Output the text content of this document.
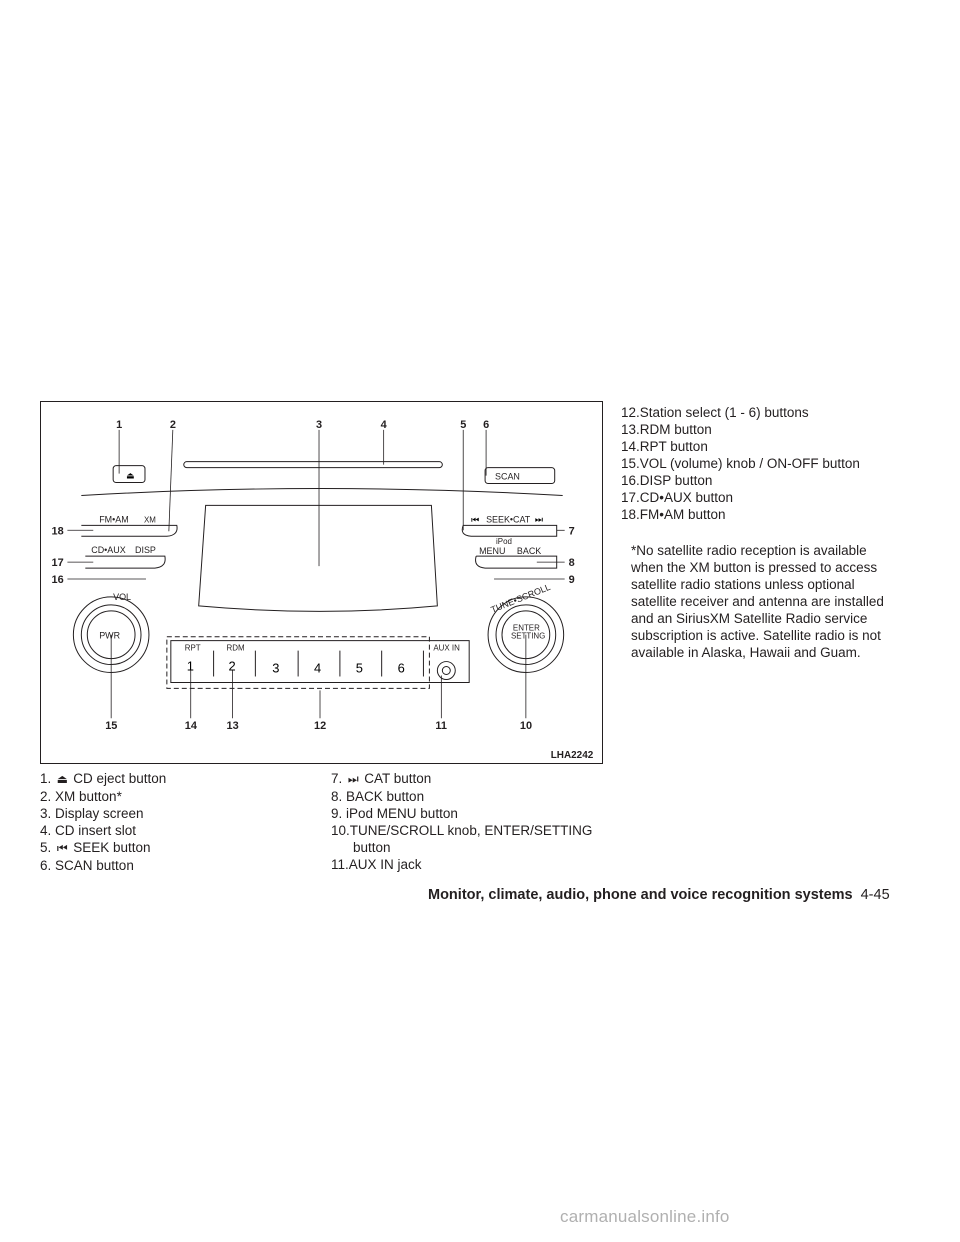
1	2	3	4	5 6
7
8
9
10
11
12
13
14
15
16
17
18
⏏	SCAN
FM•AM XM	SEEK•CAT
⏮	⏭
CD•AUX DISP
iPod
MENU BACK
VOL
PWR
TUNE•SCROLL
ENTER
SETTING
RPT	RDM	AUX IN
1	2	3	4	5	6
LHA2242
1. ⏏ CD eject button
2. XM button*
3. Display screen
4. CD insert slot
5. ⏮ SEEK button
6. SCAN button
7. ⏭ CAT button
8. BACK button
9. iPod MENU button
10.TUNE/SCROLL knob, ENTER/SETTING
button
11.AUX IN jack
12.Station select (1 - 6) buttons
13.RDM button
14.RPT button
15.VOL (volume) knob / ON-OFF button
16.DISP button
17.CD•AUX button
18.FM•AM button
*No satellite radio reception is available when the XM button is pressed to access satellite radio stations unless optional satellite receiver and antenna are installed and an SiriusXM Satellite Radio service subscription is active. Satellite radio is not available in Alaska, Hawaii and Guam.
Monitor, climate, audio, phone and voice recognition systems 4-45
carmanualsonline.info
